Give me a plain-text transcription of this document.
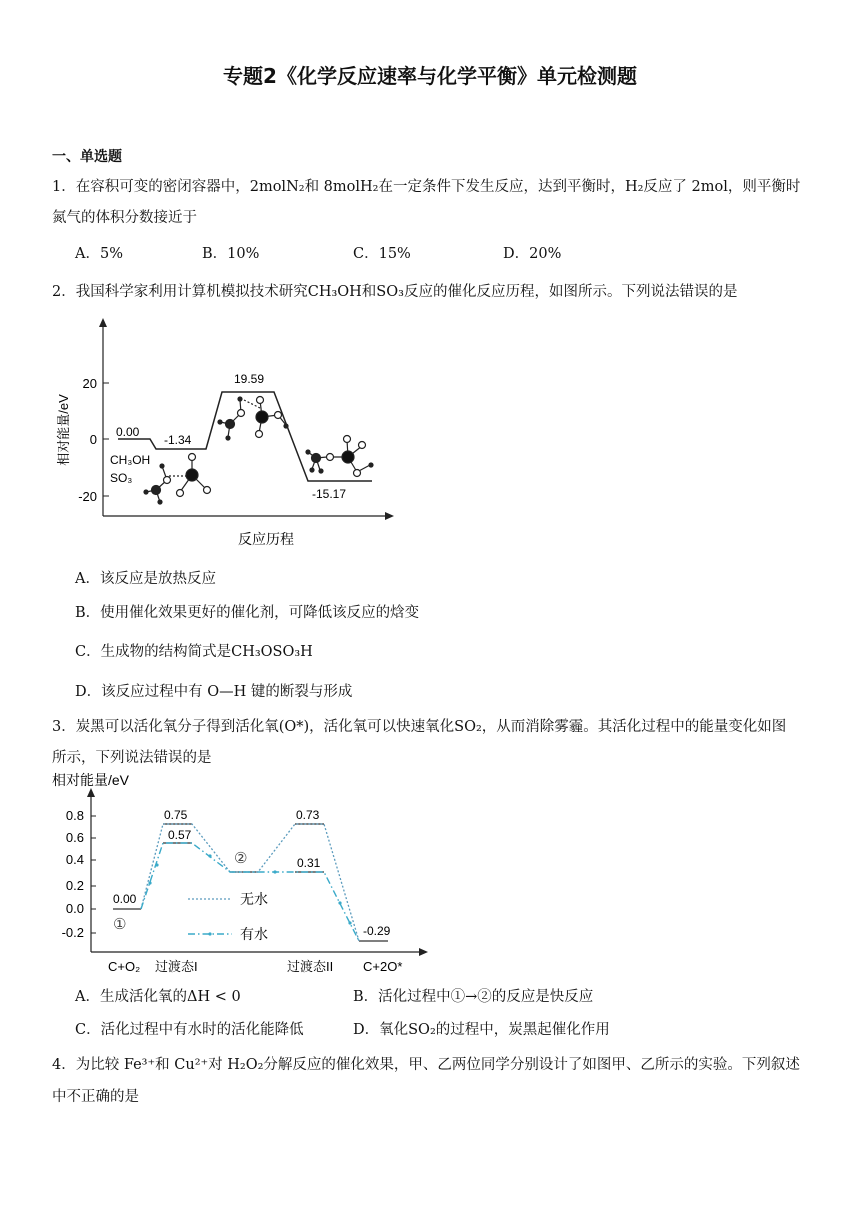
专题2《化学反应速率与化学平衡》单元检测题
一、单选题
1．在容积可变的密闭容器中，2molN₂和 8molH₂在一定条件下发生反应，达到平衡时，H₂反应了 2mol，则平衡时
氮气的体积分数接近于
A．5%	B．10%	C．15%	D．20%
2．我国科学家利用计算机模拟技术研究CH₃OH和SO₃反应的催化反应历程，如图所示。下列说法错误的是
20
0
-20
相对能量/eV
反应历程
0.00
-1.34
19.59
-15.17
CH₃OH
SO₃
A．该反应是放热反应
B．使用催化效果更好的催化剂，可降低该反应的焓变
C．生成物的结构简式是CH₃OSO₃H
D．该反应过程中有 O—H 键的断裂与形成
3．炭黑可以活化氧分子得到活化氧(O*)，活化氧可以快速氧化SO₂，从而消除雾霾。其活化过程中的能量变化如图
所示，下列说法错误的是
相对能量/eV
0.8
0.6
0.4
0.2
0.0
-0.2
0.00
0.75
0.57
0.73
0.31
-0.29
①
②
无水
有水
C+O₂ 过渡态I	过渡态II C+2O*
A．生成活化氧的ΔH < 0	B．活化过程中①→②的反应是快反应
C．活化过程中有水时的活化能降低	D．氧化SO₂的过程中，炭黑起催化作用
4．为比较 Fe³⁺和 Cu²⁺对 H₂O₂分解反应的催化效果，甲、乙两位同学分别设计了如图甲、乙所示的实验。下列叙述
中不正确的是
